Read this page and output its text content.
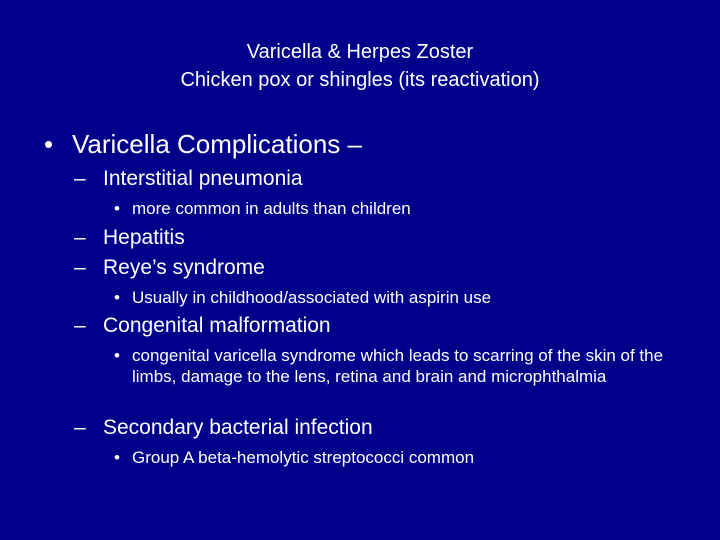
Varicella & Herpes Zoster
Chicken pox or shingles (its reactivation)
• Varicella Complications –
– Interstitial pneumonia
• more common in adults than children
– Hepatitis
– Reye’s syndrome
• Usually in childhood/associated with aspirin use
– Congenital malformation
• congenital varicella syndrome which leads to scarring of the skin of the limbs, damage to the lens, retina and brain and microphthalmia
– Secondary bacterial infection
• Group A beta-hemolytic streptococci common
